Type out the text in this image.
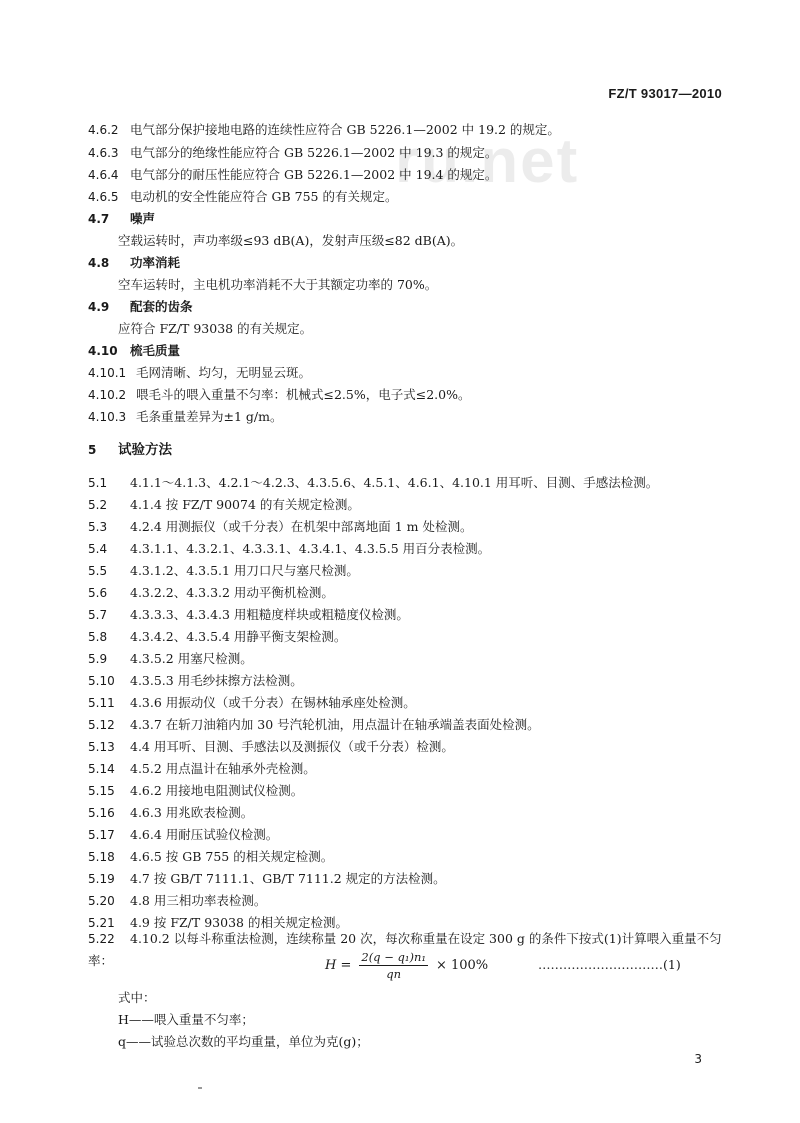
FZ/T 93017—2010
ru.net
4.6.2 电气部分保护接地电路的连续性应符合 GB 5226.1—2002 中 19.2 的规定。
4.6.3 电气部分的绝缘性能应符合 GB 5226.1—2002 中 19.3 的规定。
4.6.4 电气部分的耐压性能应符合 GB 5226.1—2002 中 19.4 的规定。
4.6.5 电动机的安全性能应符合 GB 755 的有关规定。
4.7 噪声
空载运转时，声功率级≤93 dB(A)，发射声压级≤82 dB(A)。
4.8 功率消耗
空车运转时，主电机功率消耗不大于其额定功率的 70%。
4.9 配套的齿条
应符合 FZ/T 93038 的有关规定。
4.10 梳毛质量
4.10.1 毛网清晰、均匀，无明显云斑。
4.10.2 喂毛斗的喂入重量不匀率：机械式≤2.5%，电子式≤2.0%。
4.10.3 毛条重量差异为±1 g/m。
5 试验方法
5.1 4.1.1～4.1.3、4.2.1～4.2.3、4.3.5.6、4.5.1、4.6.1、4.10.1 用耳听、目测、手感法检测。
5.2 4.1.4 按 FZ/T 90074 的有关规定检测。
5.3 4.2.4 用测振仪（或千分表）在机架中部离地面 1 m 处检测。
5.4 4.3.1.1、4.3.2.1、4.3.3.1、4.3.4.1、4.3.5.5 用百分表检测。
5.5 4.3.1.2、4.3.5.1 用刀口尺与塞尺检测。
5.6 4.3.2.2、4.3.3.2 用动平衡机检测。
5.7 4.3.3.3、4.3.4.3 用粗糙度样块或粗糙度仪检测。
5.8 4.3.4.2、4.3.5.4 用静平衡支架检测。
5.9 4.3.5.2 用塞尺检测。
5.10 4.3.5.3 用毛纱抹擦方法检测。
5.11 4.3.6 用振动仪（或千分表）在锡林轴承座处检测。
5.12 4.3.7 在斩刀油箱内加 30 号汽轮机油，用点温计在轴承端盖表面处检测。
5.13 4.4 用耳听、目测、手感法以及测振仪（或千分表）检测。
5.14 4.5.2 用点温计在轴承外壳检测。
5.15 4.6.2 用接地电阻测试仪检测。
5.16 4.6.3 用兆欧表检测。
5.17 4.6.4 用耐压试验仪检测。
5.18 4.6.5 按 GB 755 的相关规定检测。
5.19 4.7 按 GB/T 7111.1、GB/T 7111.2 规定的方法检测。
5.20 4.8 用三相功率表检测。
5.21 4.9 按 FZ/T 93038 的相关规定检测。
5.22 4.10.2 以每斗称重法检测，连续称量 20 次，每次称重量在设定 300 g 的条件下按式(1)计算喂入重量不匀率：	$H = \frac{\text{2(q − q₁)n₁}}{qn} \times 100\%$	…………………………(1)
式中：
H——喂入重量不匀率；
q——试验总次数的平均重量，单位为克(g)；
3
